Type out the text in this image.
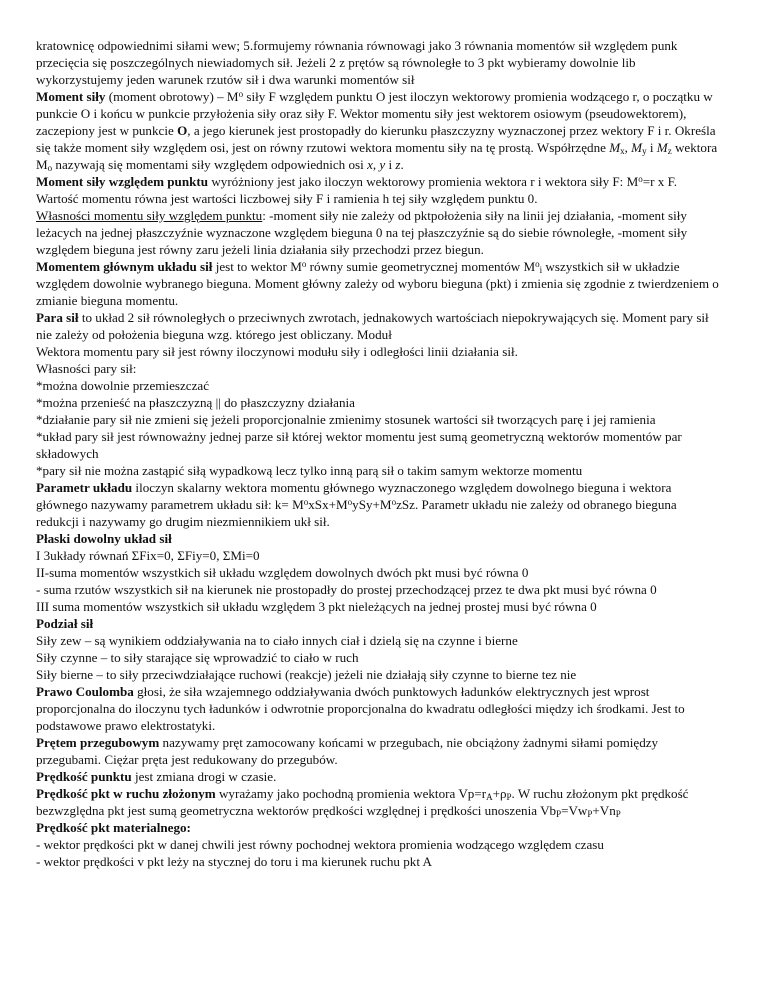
kratownicę odpowiednimi siłami wew; 5.formujemy równania równowagi jako 3 równania momentów sił względem punk przecięcia się poszczególnych niewiadomych sił. Jeżeli 2 z prętów są równoległe to 3 pkt wybieramy dowolnie lib wykorzystujemy jeden warunek rzutów sił i dwa warunki momentów sił

Moment siły (moment obrotowy) – $M^o$ siły F względem punktu O jest iloczyn wektorowy promienia wodzącego r, o początku w punkcie O i końcu w punkcie przyłożenia siły oraz siły F. Wektor momentu siły jest wektorem osiowym (pseudowektorem), zaczepiony jest w punkcie O, a jego kierunek jest prostopadły do kierunku płaszczyzny wyznaczonej przez wektory F i r. Określa się także moment siły względem osi, jest on równy rzutowi wektora momentu siły na tę prostą. Współrzędne $M_x$, $M_y$ i $M_z$ wektora $M_o$ nazywają się momentami siły względem odpowiednich osi x, y i z.

Moment siły względem punktu wyróżniony jest jako iloczyn wektorowy promienia wektora r i wektora siły F: $M^o=r$ x F. Wartość momentu równa jest wartości liczbowej siły F i ramienia h tej siły względem punktu 0.

Własności momentu siły względem punktu: -moment siły nie zależy od pktpołożenia siły na linii jej działania, -moment siły leżacych na jednej płaszczyźnie wyznaczone względem bieguna 0 na tej płaszczyźnie są do siebie równoległe, -moment siły względem bieguna jest równy zaru jeżeli linia działania siły przechodzi przez biegun.

Momentem głównym układu sił jest to wektor $M^o$ równy sumie geometrycznej momentów $M^o_i$ wszystkich sił w układzie względem dowolnie wybranego bieguna. Moment główny zależy od wyboru bieguna (pkt) i zmienia się zgodnie z twierdzeniem o zmianie bieguna momentu.

Para sił to układ 2 sił równoległych o przeciwnych zwrotach, jednakowych wartościach niepokrywających się. Moment pary sił nie zależy od położenia bieguna wzg. którego jest obliczany. Moduł

Wektora momentu pary sił jest równy iloczynowi modułu siły i odległości linii działania sił.

Własności pary sił:

*można dowolnie przemieszczać

*można przenieść na płaszczyzną || do płaszczyzny działania

*działanie pary sił nie zmieni się jeżeli proporcjonalnie zmienimy stosunek wartości sił tworzących parę i jej ramienia

*układ pary sił jest równoważny jednej parze sił której wektor momentu jest sumą geometryczną wektorów momentów par składowych

*pary sił nie można zastąpić siłą wypadkową lecz tylko inną parą sił o takim samym wektorze momentu

Parametr układu iloczyn skalarny wektora momentu głównego wyznaczonego względem dowolnego bieguna i wektora głównego nazywamy parametrem układu sił: $k= M^oxSx+M^oySy+M^ozSz$. Parametr układu nie zależy od obranego bieguna redukcji i nazywamy go drugim niezmiennikiem ukł sił.

Płaski dowolny układ sił

I 3układy równań ΣFix=0, ΣFiy=0, ΣMi=0

II-suma momentów wszystkich sił układu względem dowolnych dwóch pkt musi być równa 0

- suma rzutów wszystkich sił na kierunek nie prostopadły do prostej przechodzącej przez te dwa pkt musi być równa 0

III suma momentów wszystkich sił układu względem 3 pkt nieleżących na jednej prostej musi być równa 0

Podział sił

Siły zew – są wynikiem oddziaływania na to ciało innych ciał i dzielą się na czynne i bierne

Siły czynne – to siły starające się wprowadzić to ciało w ruch

Siły bierne – to siły przeciwdziałające ruchowi (reakcje) jeżeli nie działają siły czynne to bierne tez nie

Prawo Coulomba głosi, że siła wzajemnego oddziaływania dwóch punktowych ładunków elektrycznych jest wprost proporcjonalna do iloczynu tych ładunków i odwrotnie proporcjonalna do kwadratu odległości między ich środkami. Jest to podstawowe prawo elektrostatyki.

Prętem przegubowym nazywamy pręt zamocowany końcami w przegubach, nie obciążony żadnymi siłami pomiędzy przegubami. Ciężar pręta jest redukowany do przegubów.

Prędkość punktu jest zmiana drogi w czasie.

Prędkość pkt w ruchu złożonym wyrażamy jako pochodną promienia wektora $Vp=r_A+\rho_P$. W ruchu złożonym pkt prędkość bezwzględna pkt jest sumą geometryczna wektorów prędkości względnej i prędkości unoszenia $Vb_P=Vw_P+Vn_P$

Prędkość pkt materialnego:

- wektor prędkości pkt w danej chwili jest równy pochodnej wektora promienia wodzącego względem czasu

- wektor prędkości v pkt leży na stycznej do toru i ma kierunek ruchu pkt A
